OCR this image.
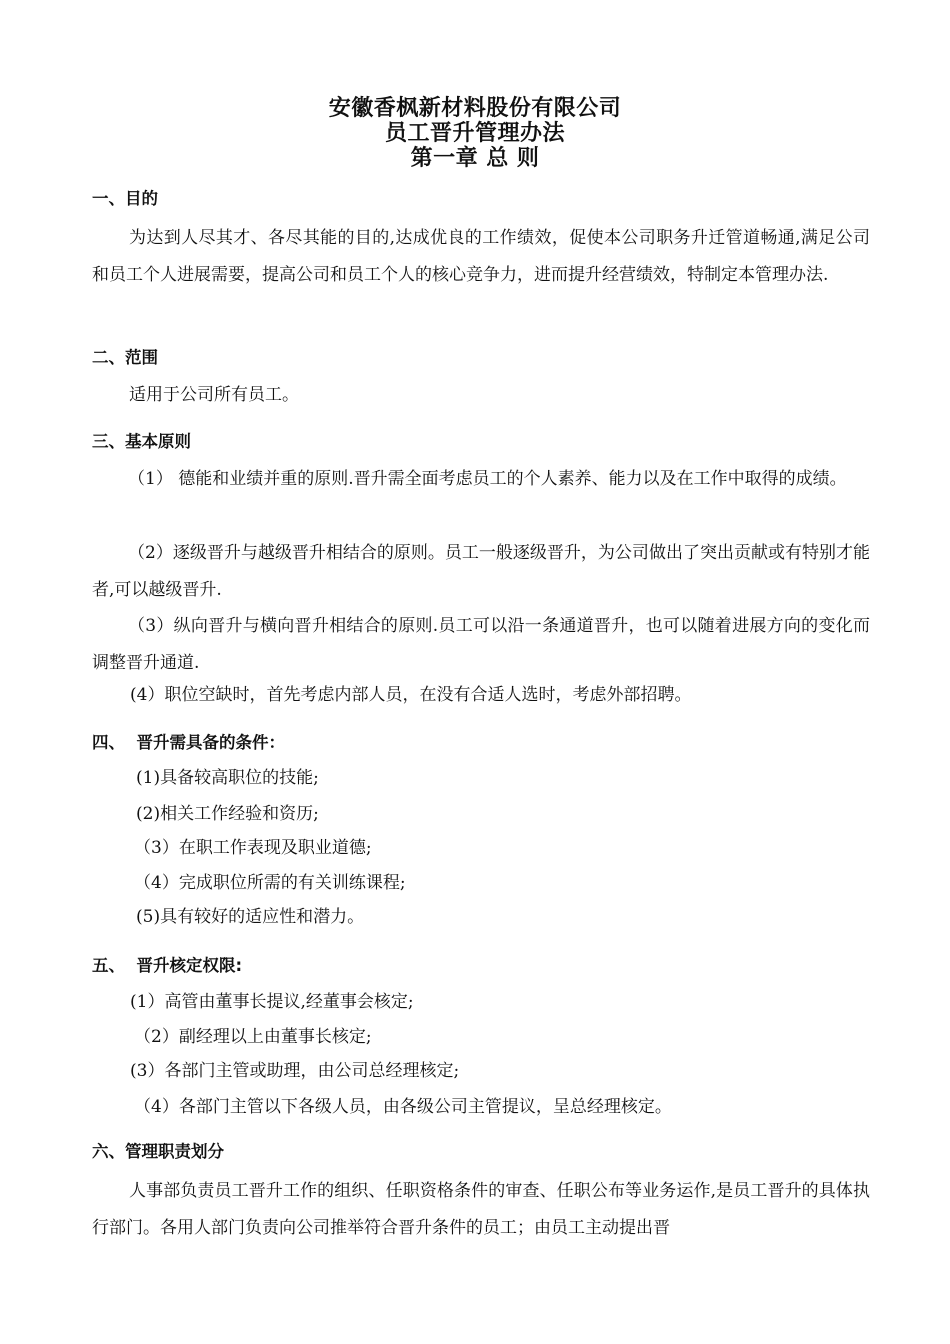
安徽香枫新材料股份有限公司
员工晋升管理办法
第一章 总 则
一、目的
为达到人尽其才、各尽其能的目的,达成优良的工作绩效，促使本公司职务升迁管道畅通,满足公司和员工个人进展需要，提高公司和员工个人的核心竞争力，进而提升经营绩效，特制定本管理办法.
二、范围
适用于公司所有员工。
三、基本原则
（1） 德能和业绩并重的原则.晋升需全面考虑员工的个人素养、能力以及在工作中取得的成绩。
（2）逐级晋升与越级晋升相结合的原则。员工一般逐级晋升，为公司做出了突出贡献或有特别才能者,可以越级晋升.
（3）纵向晋升与横向晋升相结合的原则.员工可以沿一条通道晋升，也可以随着进展方向的变化而调整晋升通道.
(4）职位空缺时，首先考虑内部人员，在没有合适人选时，考虑外部招聘。
四、  晋升需具备的条件：
(1)具备较高职位的技能;
(2)相关工作经验和资历;
（3）在职工作表现及职业道德;
（4）完成职位所需的有关训练课程;
(5)具有较好的适应性和潜力。
五、  晋升核定权限:
(1）高管由董事长提议,经董事会核定;
（2）副经理以上由董事长核定;
(3）各部门主管或助理，由公司总经理核定;
（4）各部门主管以下各级人员，由各级公司主管提议，呈总经理核定。
六、管理职责划分
人事部负责员工晋升工作的组织、任职资格条件的审查、任职公布等业务运作,是员工晋升的具体执行部门。各用人部门负责向公司推举符合晋升条件的员工；由员工主动提出晋
